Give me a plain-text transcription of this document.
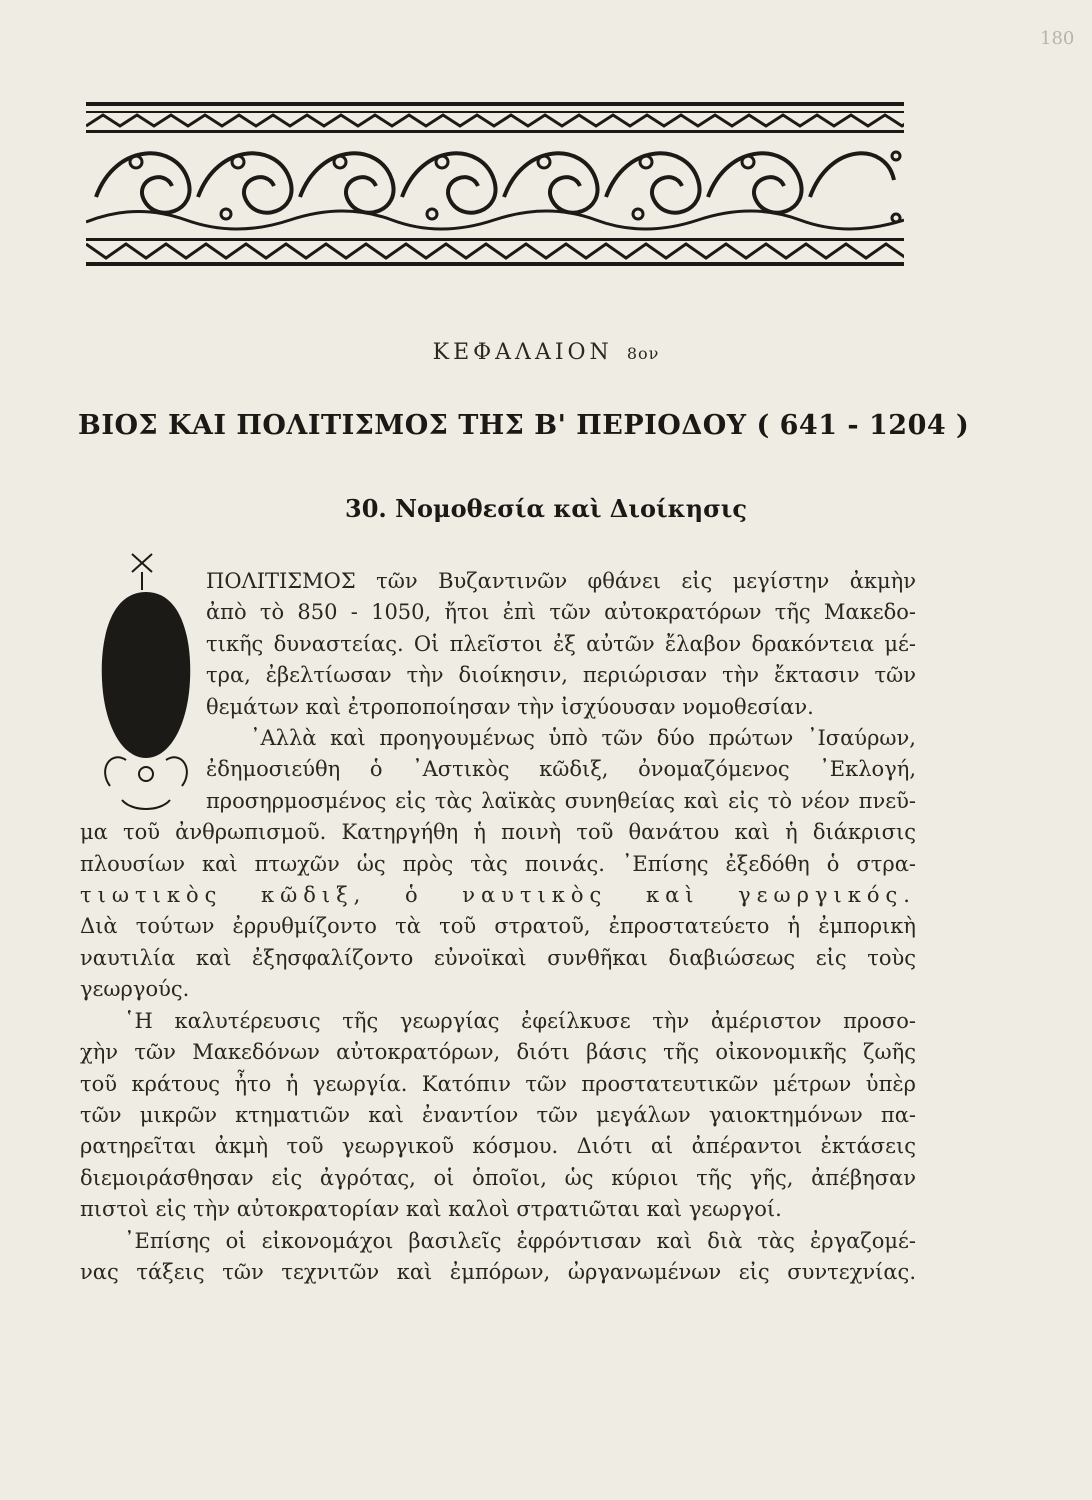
180
ΚΕΦΑΛΑΙΟΝ 8ον
ΒΙΟΣ ΚΑΙ ΠΟΛΙΤΙΣΜΟΣ ΤΗΣ Β' ΠΕΡΙΟΔΟΥ ( 641 - 1204 )
30. Νομοθεσία καὶ Διοίκησις
Ο

ΠΟΛΙΤΙΣΜΟΣ τῶν Βυζαντινῶν φθάνει εἰς μεγίστην ἀκμὴν
ἀπὸ τὸ 850 - 1050, ἤτοι ἐπὶ τῶν αὐτοκρατόρων τῆς Μακεδο-
τικῆς δυναστείας. Οἱ πλεῖστοι ἐξ αὐτῶν ἔλαβον δρακόντεια μέ-
τρα, ἐβελτίωσαν τὴν διοίκησιν, περιώρισαν τὴν ἔκτασιν τῶν
θεμάτων καὶ ἐτροποποίησαν τὴν ἰσχύουσαν νομοθεσίαν.

᾿Αλλὰ καὶ προηγουμένως ὑπὸ τῶν δύο πρώτων ᾿Ισαύρων,
ἐδημοσιεύθη ὁ ᾿Αστικὸς κῶδιξ, ὀνομαζόμενος ᾿Εκλογή,
προσηρμοσμένος εἰς τὰς λαϊκὰς συνηθείας καὶ εἰς τὸ νέον πνεῦ-
μα τοῦ ἀνθρωπισμοῦ. Κατηργήθη ἡ ποινὴ τοῦ θανάτου καὶ ἡ διάκρισις
πλουσίων καὶ πτωχῶν ὡς πρὸς τὰς ποινάς. ᾿Επίσης ἐξεδόθη ὁ στρα-
τιωτικὸς κῶδιξ, ὁ ναυτικὸς καὶ γεωργικός.
Διὰ τούτων ἐρρυθμίζοντο τὰ τοῦ στρατοῦ, ἐπροστατεύετο ἡ ἐμπορικὴ
ναυτιλία καὶ ἐξησφαλίζοντο εὐνοϊκαὶ συνθῆκαι διαβιώσεως εἰς τοὺς
γεωργούς.
῾Η καλυτέρευσις τῆς γεωργίας ἐφείλκυσε τὴν ἀμέριστον προσο-
χὴν τῶν Μακεδόνων αὐτοκρατόρων, διότι βάσις τῆς οἰκονομικῆς ζωῆς
τοῦ κράτους ἦτο ἡ γεωργία. Κατόπιν τῶν προστατευτικῶν μέτρων ὑπὲρ
τῶν μικρῶν κτηματιῶν καὶ ἐναντίον τῶν μεγάλων γαιοκτημόνων πα-
ρατηρεῖται ἀκμὴ τοῦ γεωργικοῦ κόσμου. Διότι αἱ ἀπέραντοι ἐκτάσεις
διεμοιράσθησαν εἰς ἀγρότας, οἱ ὁποῖοι, ὡς κύριοι τῆς γῆς, ἀπέβησαν
πιστοὶ εἰς τὴν αὐτοκρατορίαν καὶ καλοὶ στρατιῶται καὶ γεωργοί.
᾿Επίσης οἱ εἰκονομάχοι βασιλεῖς ἐφρόντισαν καὶ διὰ τὰς ἐργαζομέ-
νας τάξεις τῶν τεχνιτῶν καὶ ἐμπόρων, ὠργανωμένων εἰς συντεχνίας.
